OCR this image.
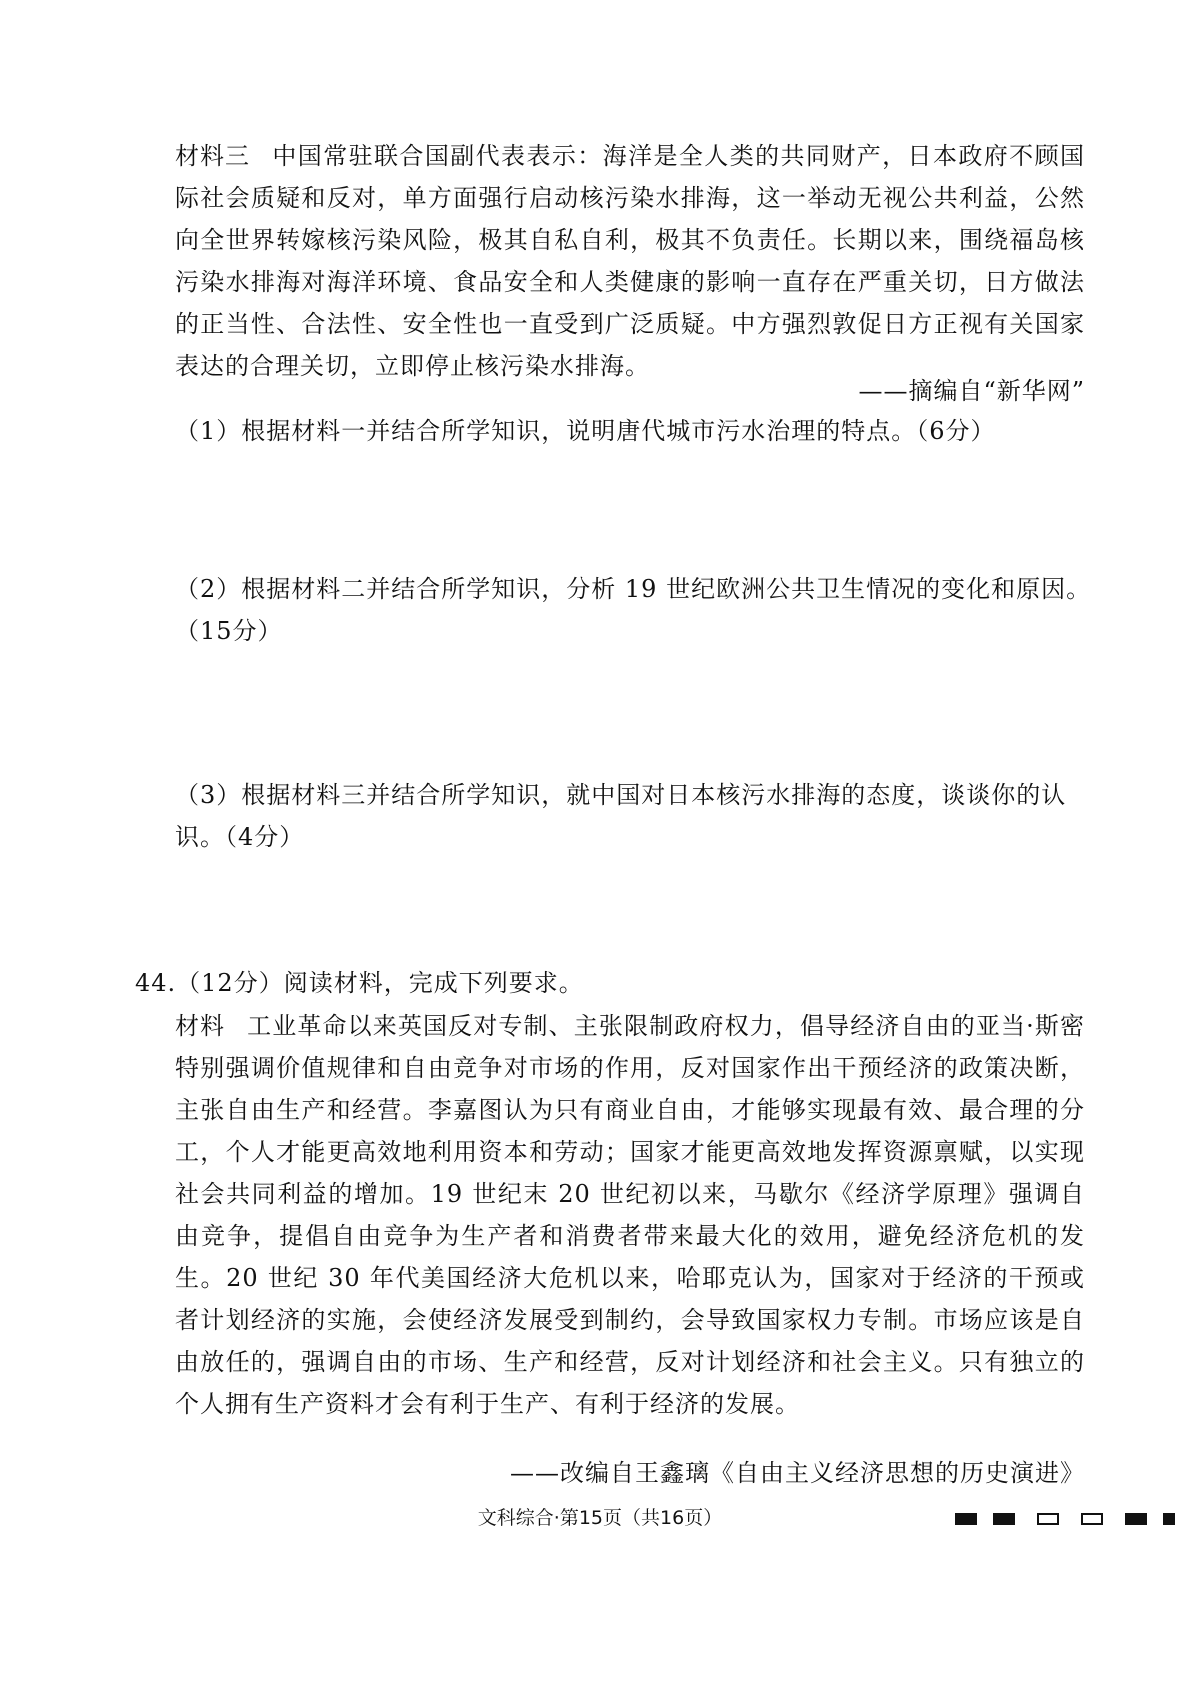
材料三 中国常驻联合国副代表表示：海洋是全人类的共同财产，日本政府不顾国际社会质疑和反对，单方面强行启动核污染水排海，这一举动无视公共利益，公然向全世界转嫁核污染风险，极其自私自利，极其不负责任。长期以来，围绕福岛核污染水排海对海洋环境、食品安全和人类健康的影响一直存在严重关切，日方做法的正当性、合法性、安全性也一直受到广泛质疑。中方强烈敦促日方正视有关国家表达的合理关切，立即停止核污染水排海。

——摘编自“新华网”

（1）根据材料一并结合所学知识，说明唐代城市污水治理的特点。（6分）

（2）根据材料二并结合所学知识，分析 19 世纪欧洲公共卫生情况的变化和原因。（15分）

（3）根据材料三并结合所学知识，就中国对日本核污水排海的态度，谈谈你的认识。（4分）

44.（12分）阅读材料，完成下列要求。

材料 工业革命以来英国反对专制、主张限制政府权力，倡导经济自由的亚当·斯密特别强调价值规律和自由竞争对市场的作用，反对国家作出干预经济的政策决断，主张自由生产和经营。李嘉图认为只有商业自由，才能够实现最有效、最合理的分工，个人才能更高效地利用资本和劳动；国家才能更高效地发挥资源禀赋，以实现社会共同利益的增加。19 世纪末 20 世纪初以来，马歇尔《经济学原理》强调自由竞争，提倡自由竞争为生产者和消费者带来最大化的效用，避免经济危机的发生。20 世纪 30 年代美国经济大危机以来，哈耶克认为，国家对于经济的干预或者计划经济的实施，会使经济发展受到制约，会导致国家权力专制。市场应该是自由放任的，强调自由的市场、生产和经营，反对计划经济和社会主义。只有独立的个人拥有生产资料才会有利于生产、有利于经济的发展。

——改编自王鑫璃《自由主义经济思想的历史演进》
文科综合·第15页（共16页）
